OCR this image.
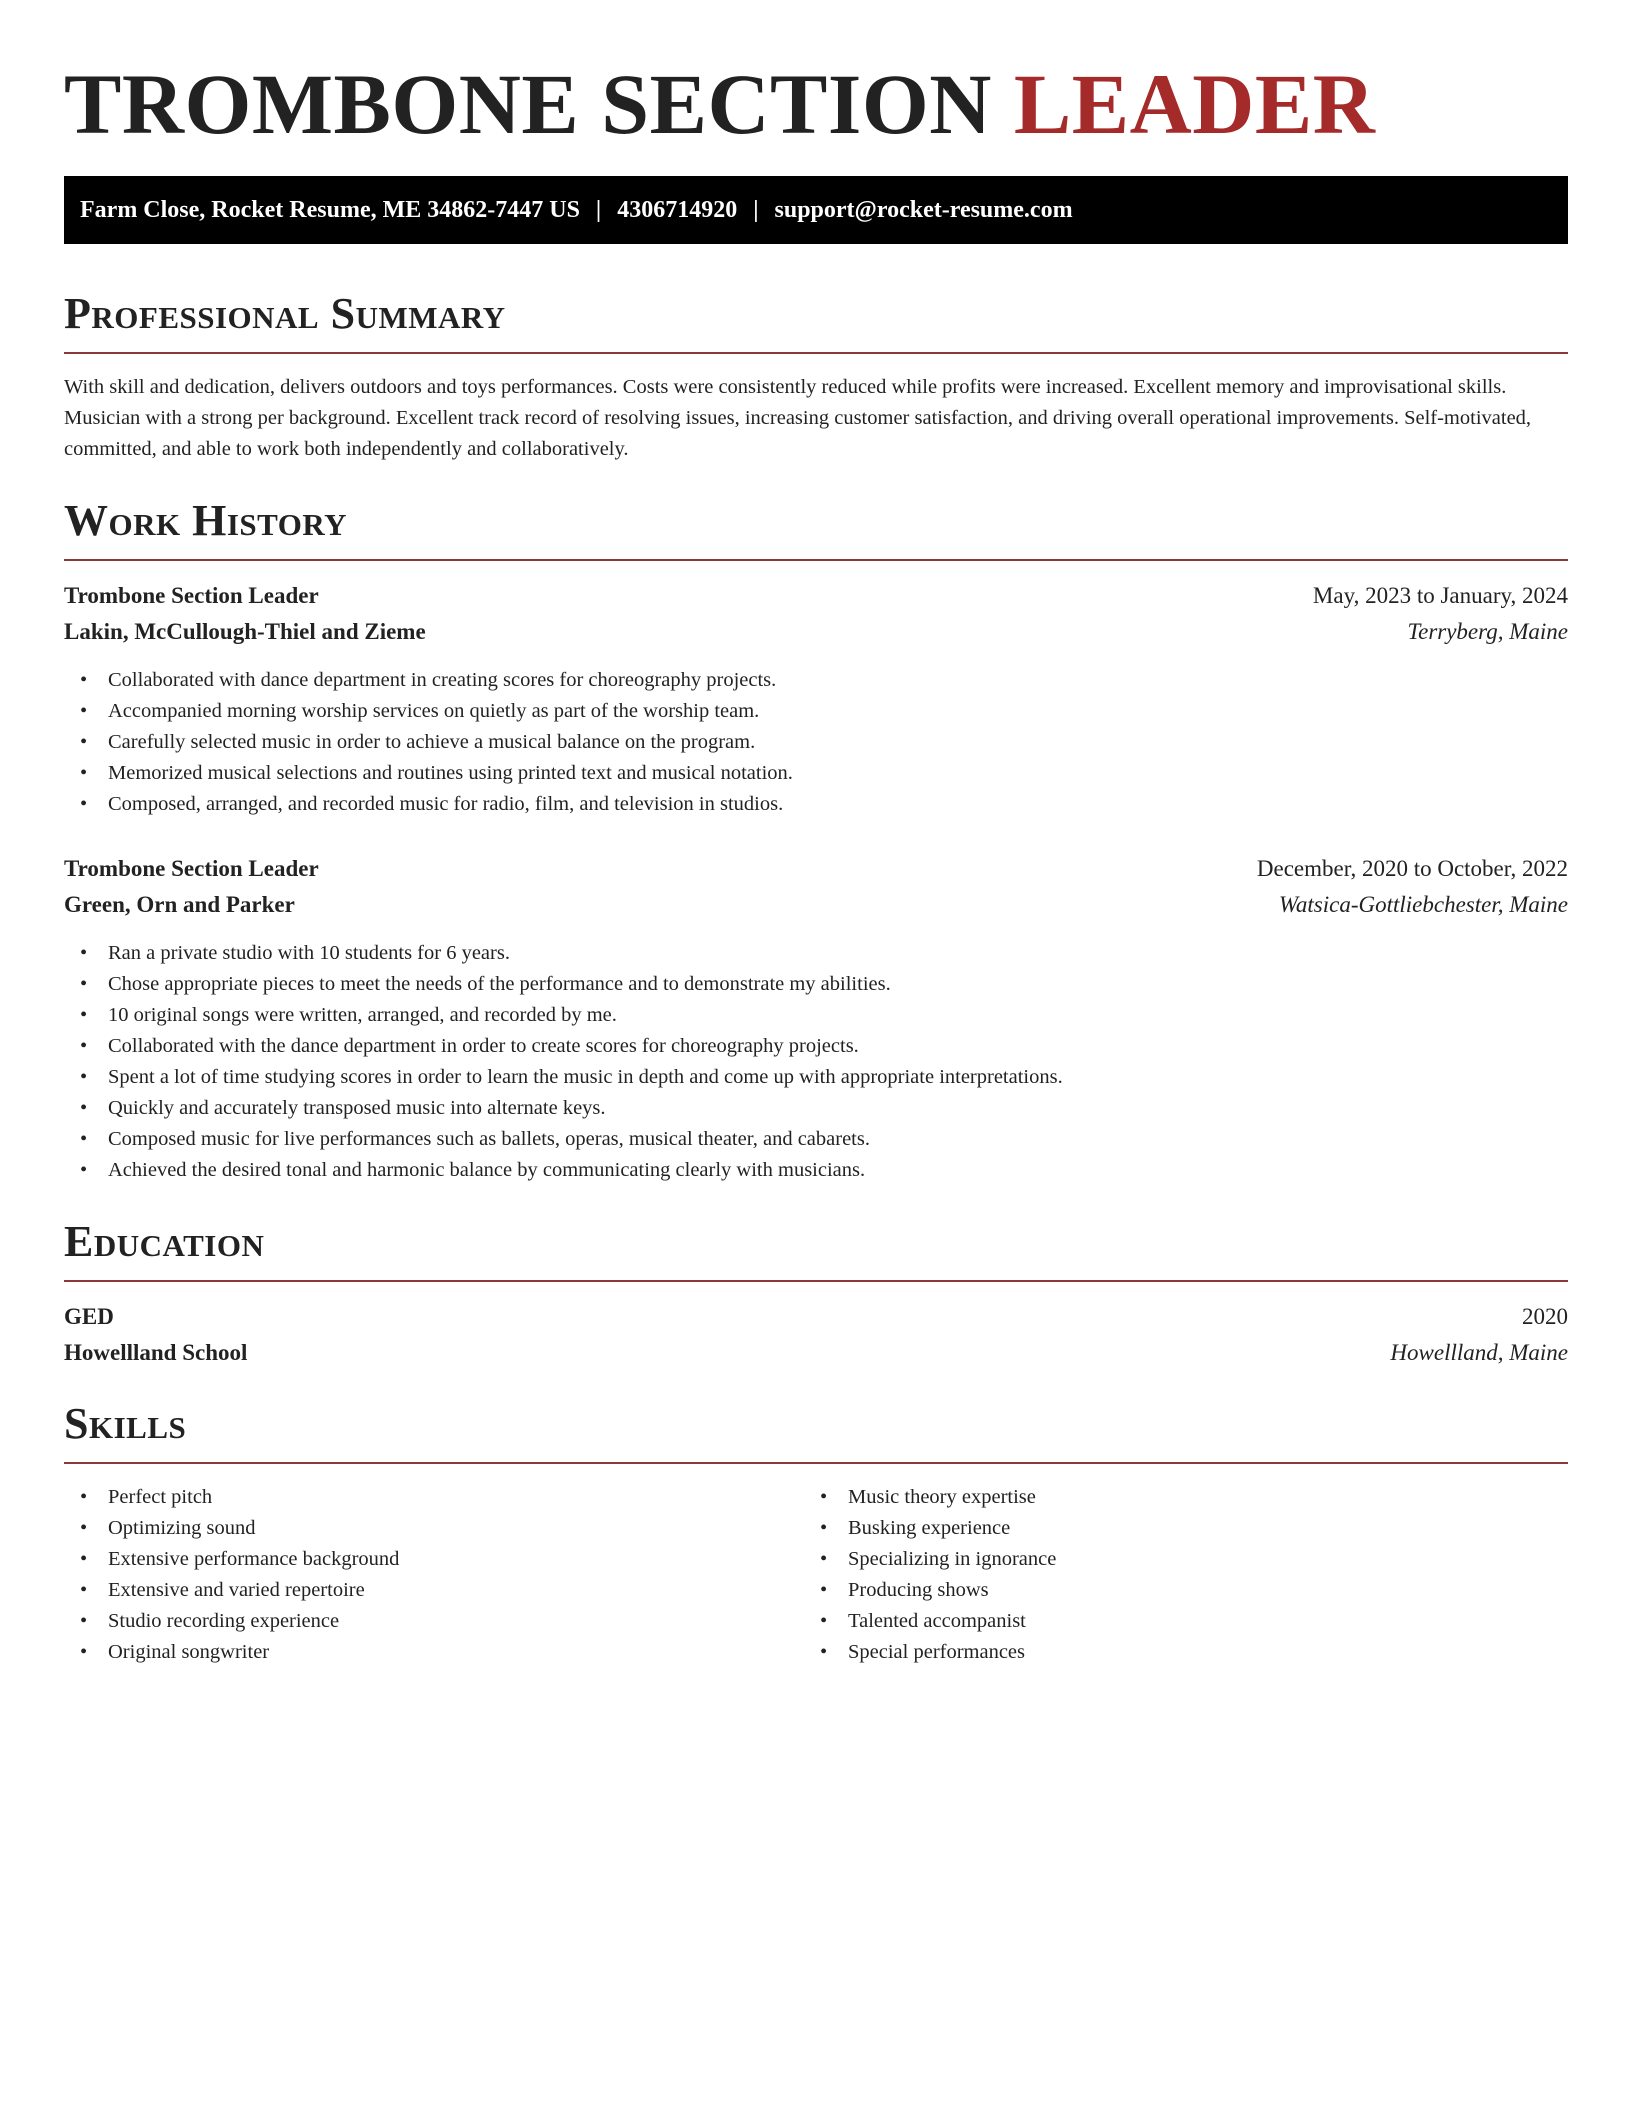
TROMBONE SECTION LEADER
Farm Close, Rocket Resume, ME 34862-7447 US | 4306714920 | support@rocket-resume.com
Professional Summary

With skill and dedication, delivers outdoors and toys performances. Costs were consistently reduced while profits were increased. Excellent memory and improvisational skills. Musician with a strong per background. Excellent track record of resolving issues, increasing customer satisfaction, and driving overall operational improvements. Self-motivated, committed, and able to work both independently and collaboratively.

Work History
Trombone Section Leader	May, 2023 to January, 2024
Lakin, McCullough-Thiel and Zieme	Terryberg, Maine
• Collaborated with dance department in creating scores for choreography projects.
• Accompanied morning worship services on quietly as part of the worship team.
• Carefully selected music in order to achieve a musical balance on the program.
• Memorized musical selections and routines using printed text and musical notation.
• Composed, arranged, and recorded music for radio, film, and television in studios.
Trombone Section Leader	December, 2020 to October, 2022
Green, Orn and Parker	Watsica-Gottliebchester, Maine
• Ran a private studio with 10 students for 6 years.
• Chose appropriate pieces to meet the needs of the performance and to demonstrate my abilities.
• 10 original songs were written, arranged, and recorded by me.
• Collaborated with the dance department in order to create scores for choreography projects.
• Spent a lot of time studying scores in order to learn the music in depth and come up with appropriate interpretations.
• Quickly and accurately transposed music into alternate keys.
• Composed music for live performances such as ballets, operas, musical theater, and cabarets.
• Achieved the desired tonal and harmonic balance by communicating clearly with musicians.
Education
GED	2020
Howellland School	Howellland, Maine
Skills
• Perfect pitch
• Optimizing sound
• Extensive performance background
• Extensive and varied repertoire
• Studio recording experience
• Original songwriter
• Music theory expertise
• Busking experience
• Specializing in ignorance
• Producing shows
• Talented accompanist
• Special performances
